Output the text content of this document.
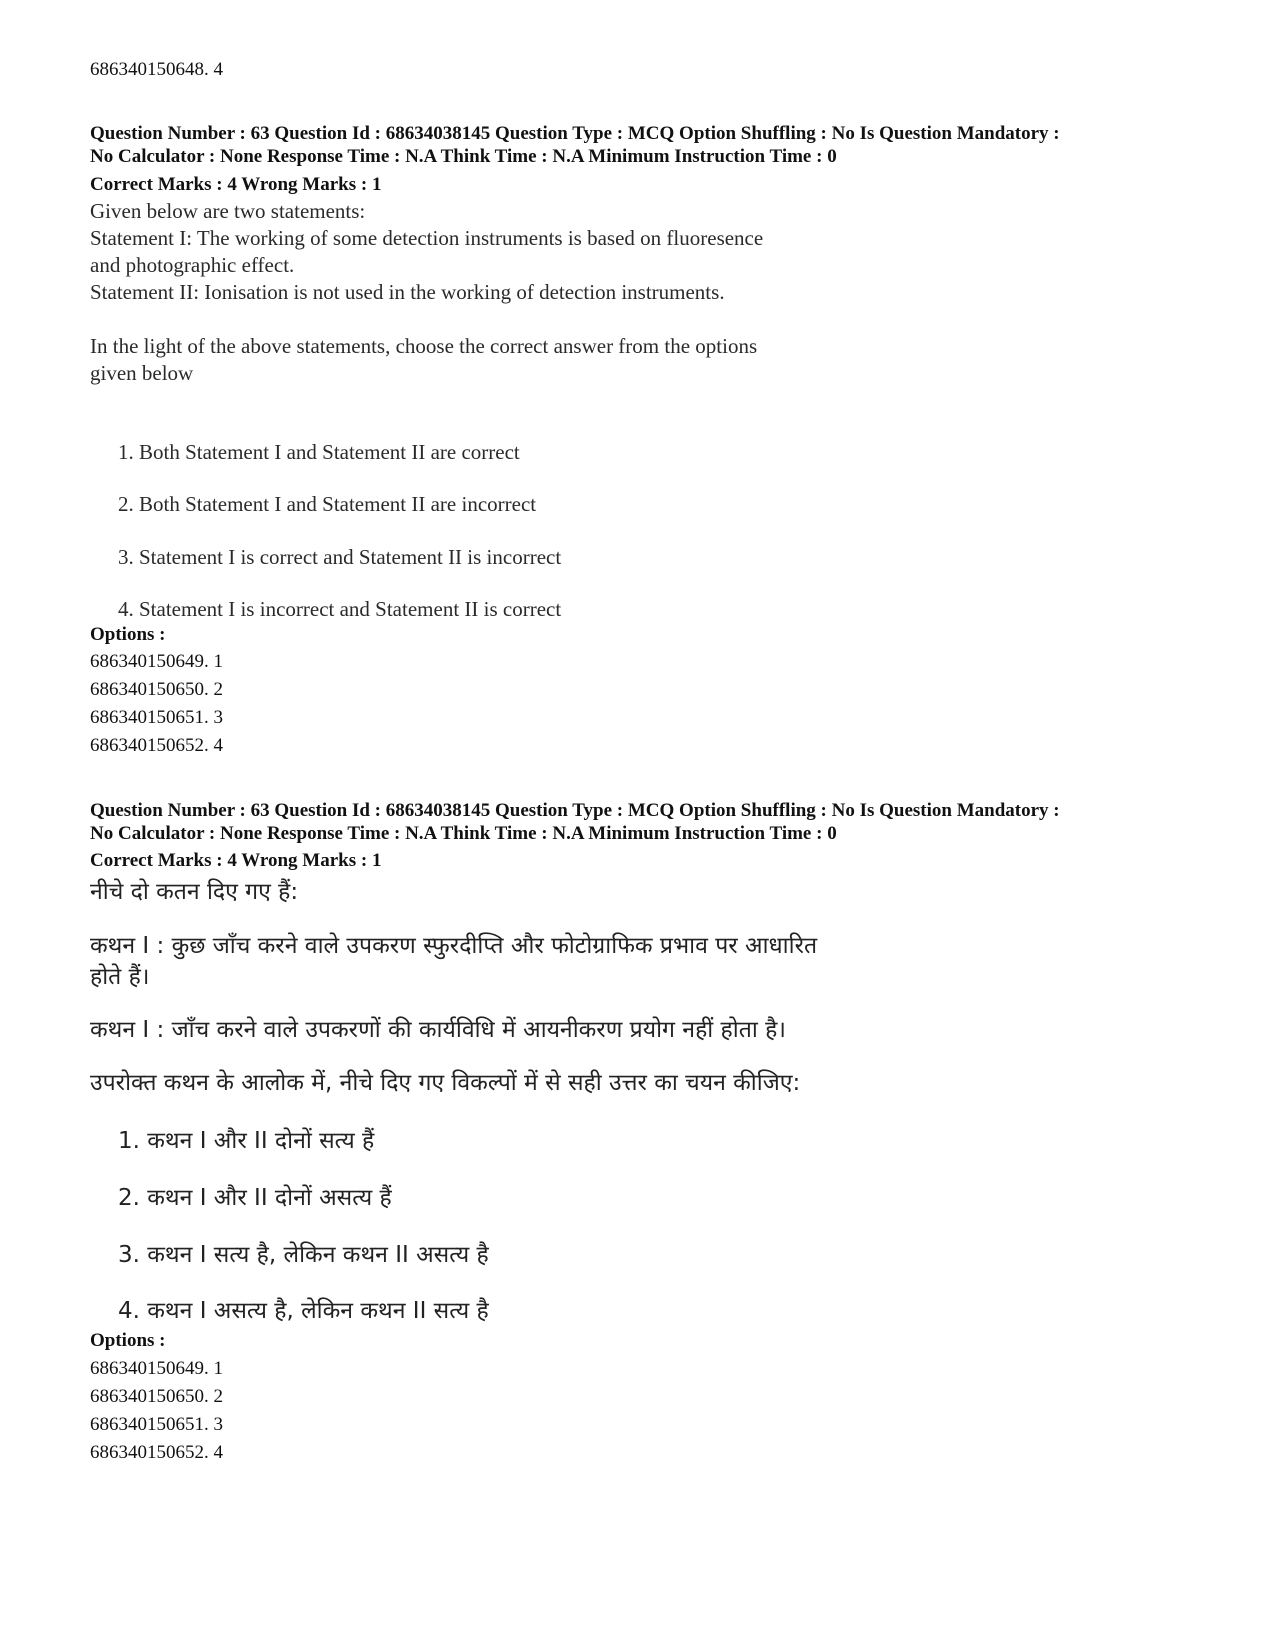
686340150648. 4
Question Number : 63 Question Id : 68634038145 Question Type : MCQ Option Shuffling : No Is Question Mandatory :
No Calculator : None Response Time : N.A Think Time : N.A Minimum Instruction Time : 0
Correct Marks : 4 Wrong Marks : 1
Given below are two statements:
Statement I: The working of some detection instruments is based on fluoresence
and photographic effect.
Statement II: Ionisation is not used in the working of detection instruments.
In the light of the above statements, choose the correct answer from the options
given below
1. Both Statement I and Statement II are correct
2. Both Statement I and Statement II are incorrect
3. Statement I is correct and Statement II is incorrect
4. Statement I is incorrect and Statement II is correct
Options :
686340150649. 1
686340150650. 2
686340150651. 3
686340150652. 4
Question Number : 63 Question Id : 68634038145 Question Type : MCQ Option Shuffling : No Is Question Mandatory :
No Calculator : None Response Time : N.A Think Time : N.A Minimum Instruction Time : 0
Correct Marks : 4 Wrong Marks : 1
नीचे दो कतन दिए गए हैं:
कथन I : कुछ जाँच करने वाले उपकरण स्फुरदीप्ति और फोटोग्राफिक प्रभाव पर आधारित
होते हैं।
कथन I : जाँच करने वाले उपकरणों की कार्यविधि में आयनीकरण प्रयोग नहीं होता है।
उपरोक्त कथन के आलोक में, नीचे दिए गए विकल्पों में से सही उत्तर का चयन कीजिए:
1. कथन I और II दोनों सत्य हैं
2. कथन I और II दोनों असत्य हैं
3. कथन I सत्य है, लेकिन कथन II असत्य है
4. कथन I असत्य है, लेकिन कथन II सत्य है
Options :
686340150649. 1
686340150650. 2
686340150651. 3
686340150652. 4
